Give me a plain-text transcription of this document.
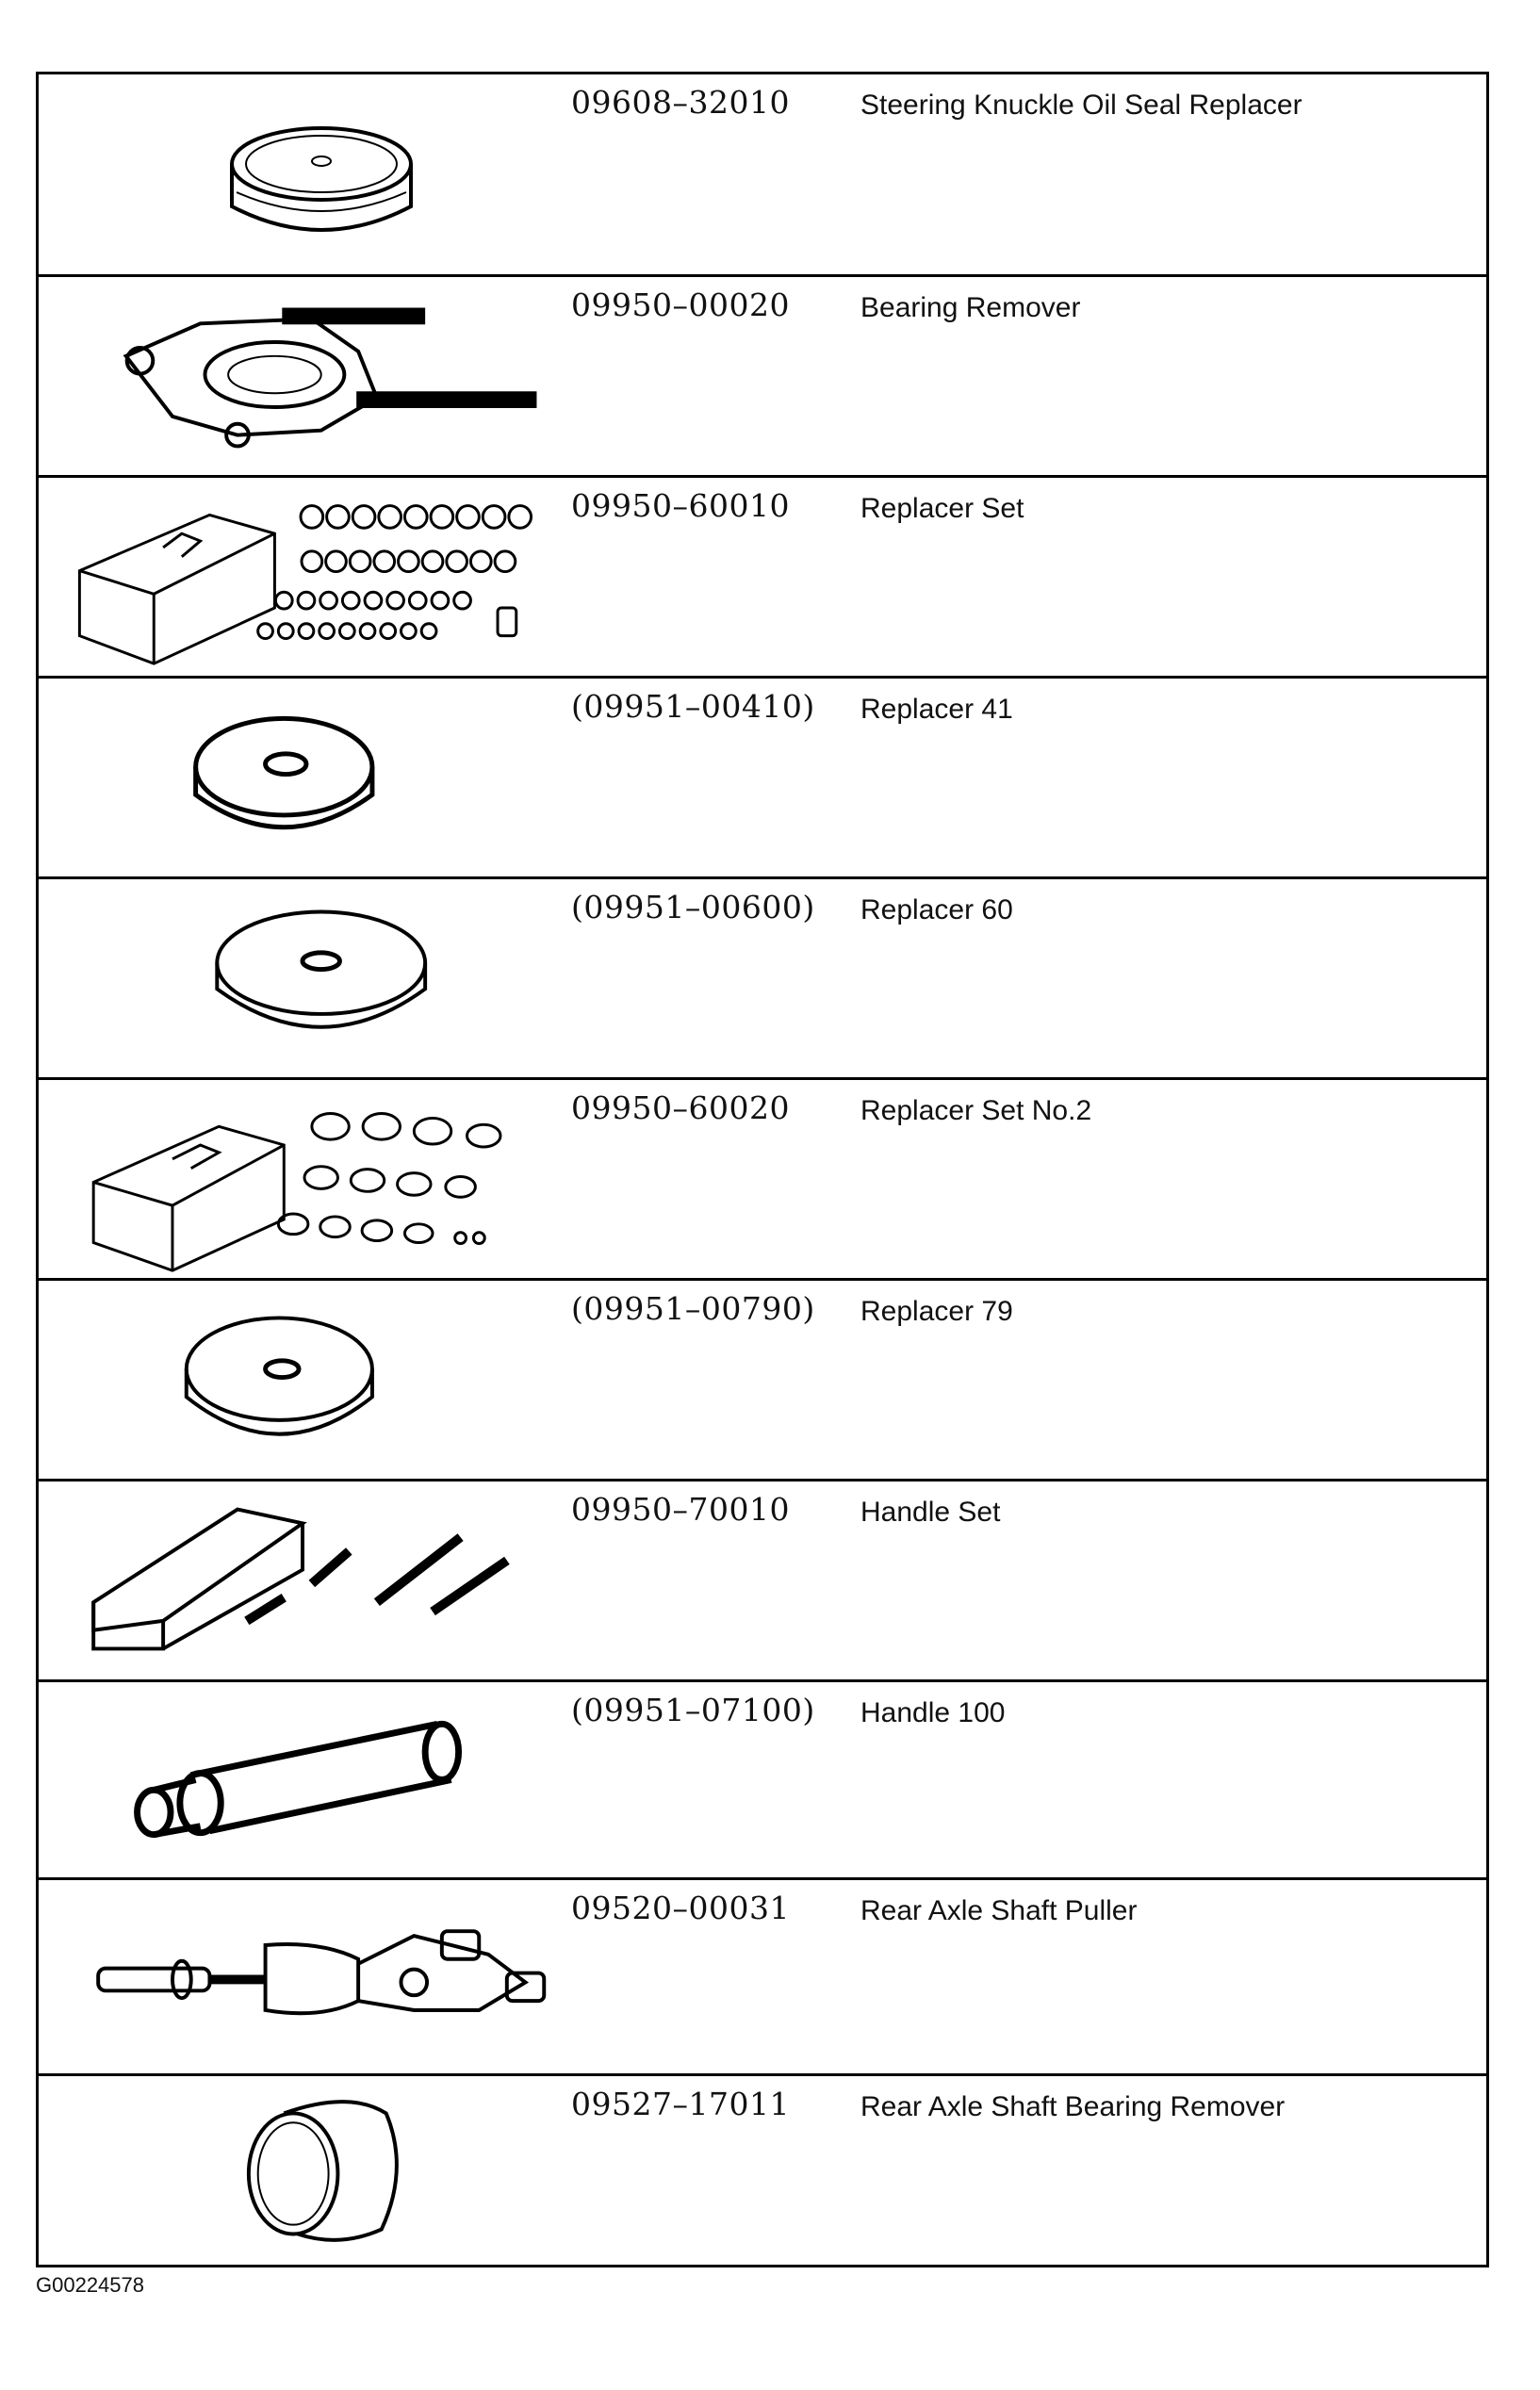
09608–32010	Steering Knuckle Oil Seal Replacer
09950–00020	Bearing Remover
09950–60010	Replacer Set
(09951–00410) Replacer 41
(09951–00600) Replacer 60
09950–60020	Replacer Set No.2
(09951–00790) Replacer 79
09950–70010	Handle Set
(09951–07100) Handle 100
09520–00031	Rear Axle Shaft Puller
09527–17011	Rear Axle Shaft Bearing Remover
G00224578
